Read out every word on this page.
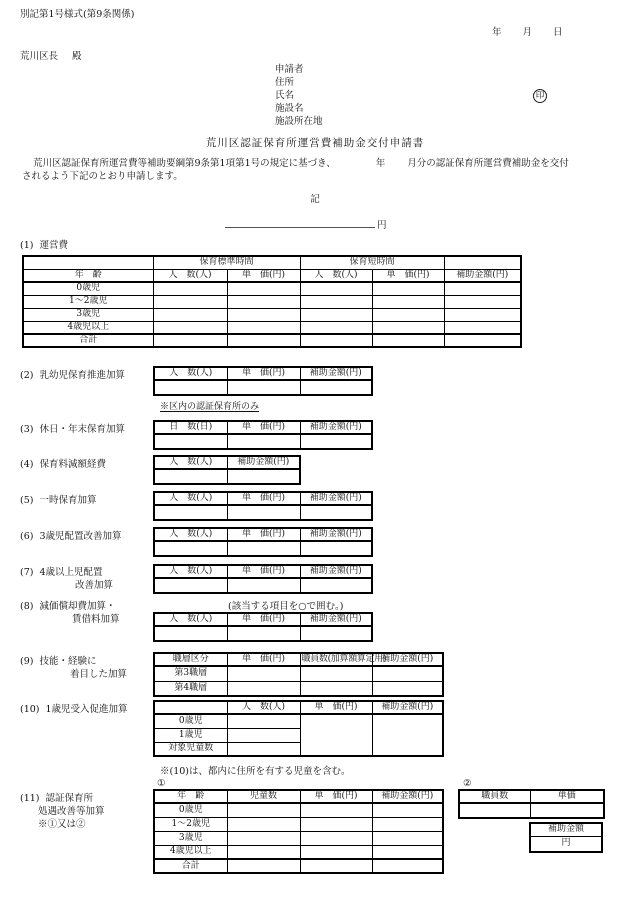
別記第1号様式(第9条関係)
年 月 日
荒川区長 殿
申請者
住所
氏名
施設名
施設所在地
印
荒川区認証保育所運営費補助金交付申請書
荒川区認証保育所運営費等補助要綱第9条第1項第1号の規定に基づき、	年 月分の認証保育所運営費補助金を交付
されるよう下記のとおり申請します。
記
円
(1) 運営費
	保育標準時間		保育短時間		
年　齢	人　数(人)	単　価(円)	人　数(人)	単　価(円)	補助金額(円)
0歳児					
1～2歳児					
3歳児					
4歳児以上					
合計					
(2) 乳幼児保育推進加算	人　数(人)	単　価(円)	補助金額(円)

※区内の認証保育所のみ
(3) 休日・年末保育加算	日　数(日)	単　価(円)	補助金額(円)

(4) 保育料減額経費	人　数(人)	補助金額(円)

(5) 一時保育加算	人　数(人)	単　価(円)	補助金額(円)

(6) 3歳児配置改善加算	人　数(人)	単　価(円)	補助金額(円)

(7) 4歳以上児配置
改善加算
人　数(人)	単　価(円)	補助金額(円)

(8) 減価償却費加算・
賃借料加算
(該当する項目を○で囲む。)
人　数(人)	単　価(円)	補助金額(円)

(9) 技能・経験に
着目した加算
職層区分	単　価(円)	職員数(加算額算定用)	補助金額(円)
第3職層			
第4職層			
(10) 1歳児受入促進加算
		人　数(人)	単　価(円)	補助金額(円)
0歳児			
1歳児			
対象児童数			
※(10)は、都内に住所を有する児童を含む。
①	②
(11) 認証保育所
処遇改善等加算
※①又は②
年　齢	児童数	単　価(円)	補助金額(円)
0歳児			
1～2歳児			
3歳児			
4歳児以上			
合計			
職員数	単価

補助金額
円
